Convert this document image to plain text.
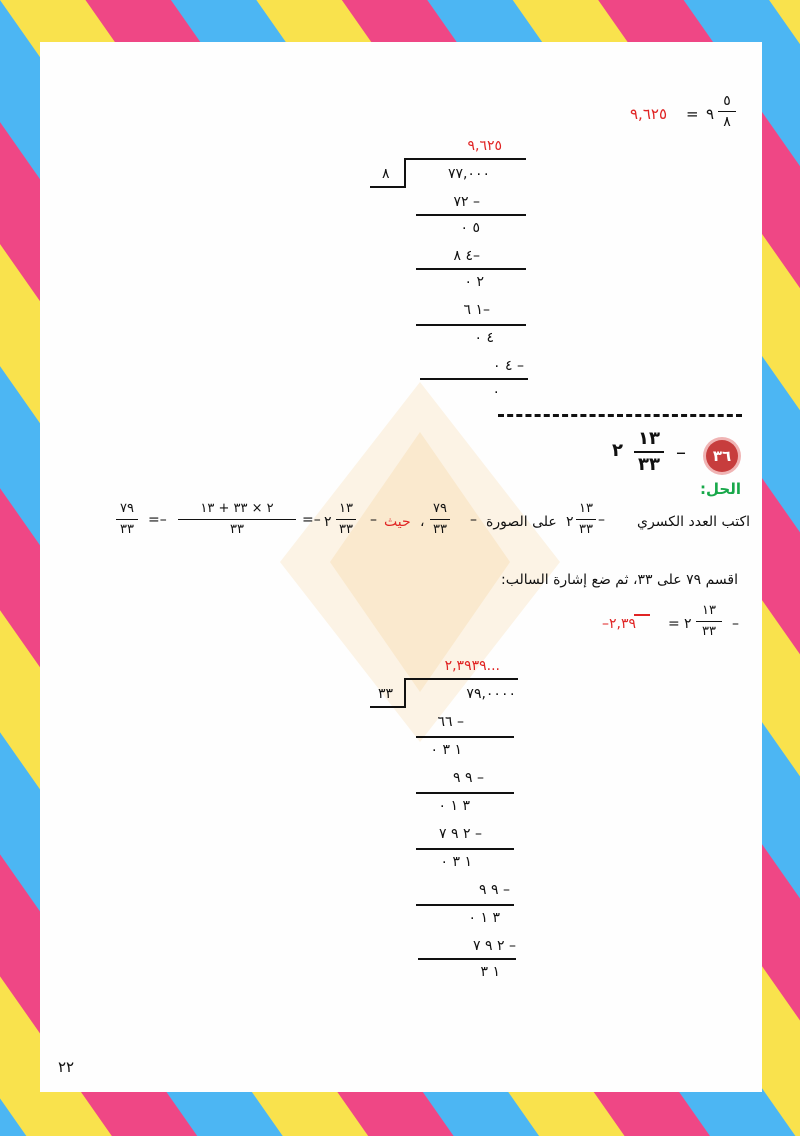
٩,٦٢٥ = ٩
٥
٨
٩,٦٢٥
٨	٧٧,٠٠٠
٧٢ –
٥ ٠
٤ ٨–
٢ ٠
١ ٦–
٤ ٠
٤ ٠ –
٠
٣٦
–
١٣
٣٣
٢
الحل:
اكتب العدد الكسري
–
١٣
٣٣
٢
على الصورة
–
٧٩
٣٣
،
حيث
–
١٣
٣٣
٢
=–
٢ × ٣٣ + ١٣
٣٣
=–
٧٩
٣٣
اقسم ٧٩ على ٣٣، ثم ضع إشارة السالب:
–
١٣
٣٣
٢
=
–٢,٣٩
٢,٣٩٣٩...
٣٣	٧٩,٠٠٠٠
٦٦ –
١ ٣ ٠
٩ ٩ –
٣ ١ ٠
٢ ٩ ٧ –
١ ٣ ٠
٩ ٩ –
٣ ١ ٠
٢ ٩ ٧ –
١ ٣
٢٢
